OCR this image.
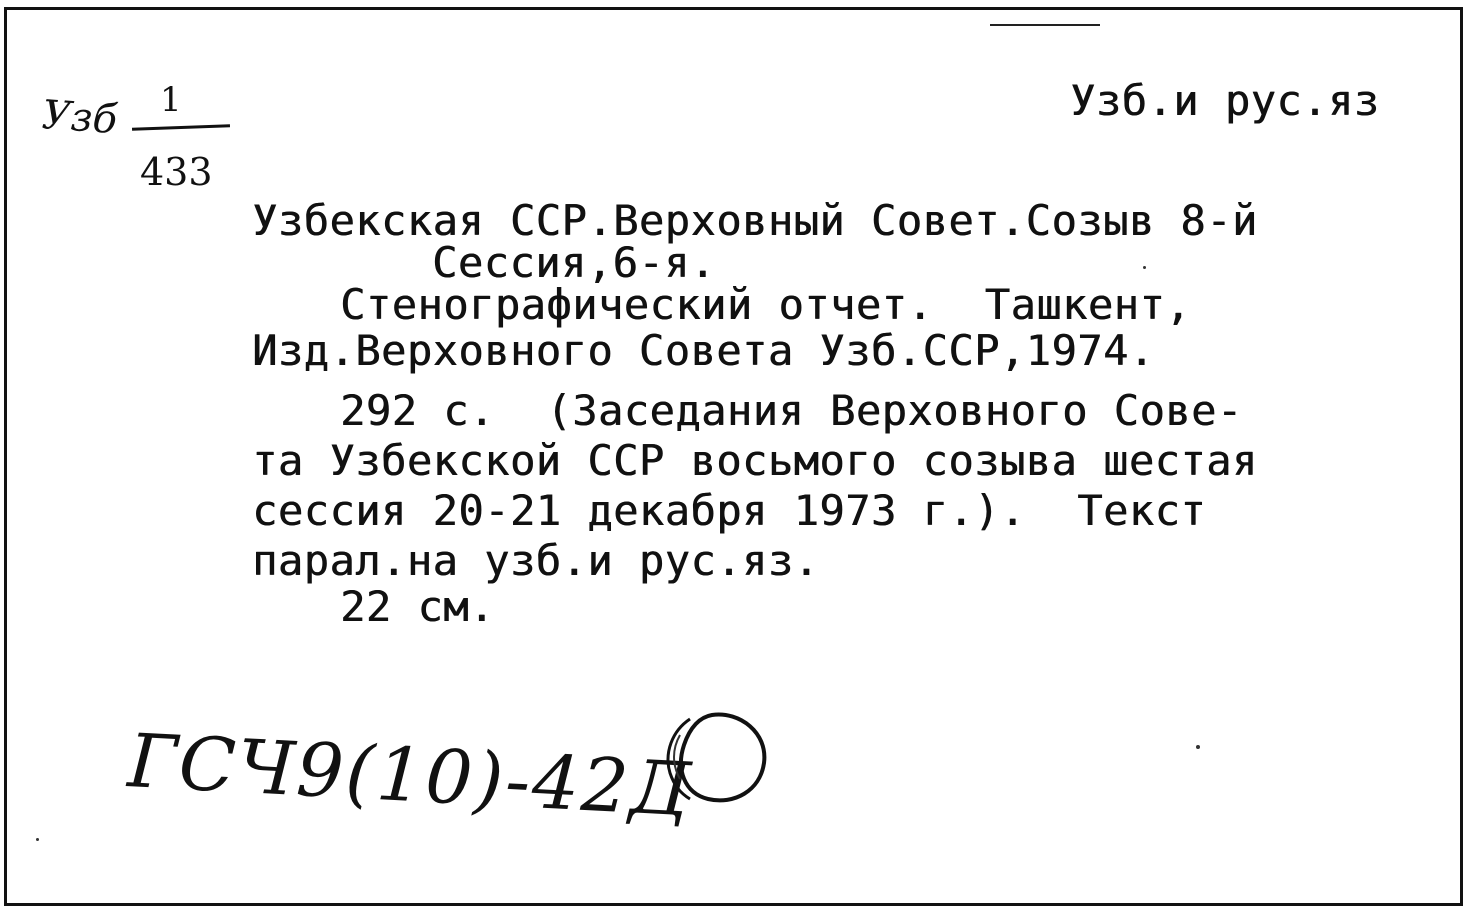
Узб.и рус.яз

Узб 1
433

Узбекская ССР.Верховный Совет.Созыв 8-й

Сессия,6-я.

Стенографический отчет.  Ташкент,

Изд.Верховного Совета Узб.ССР,1974.

292 с.  (Заседания Верховного Сове-

та Узбекской ССР восьмого созыва шестая

сессия 20-21 декабря 1973 г.).  Текст

парал.на узб.и рус.яз.

22 см.

ГСЧ9(10)-42Д
